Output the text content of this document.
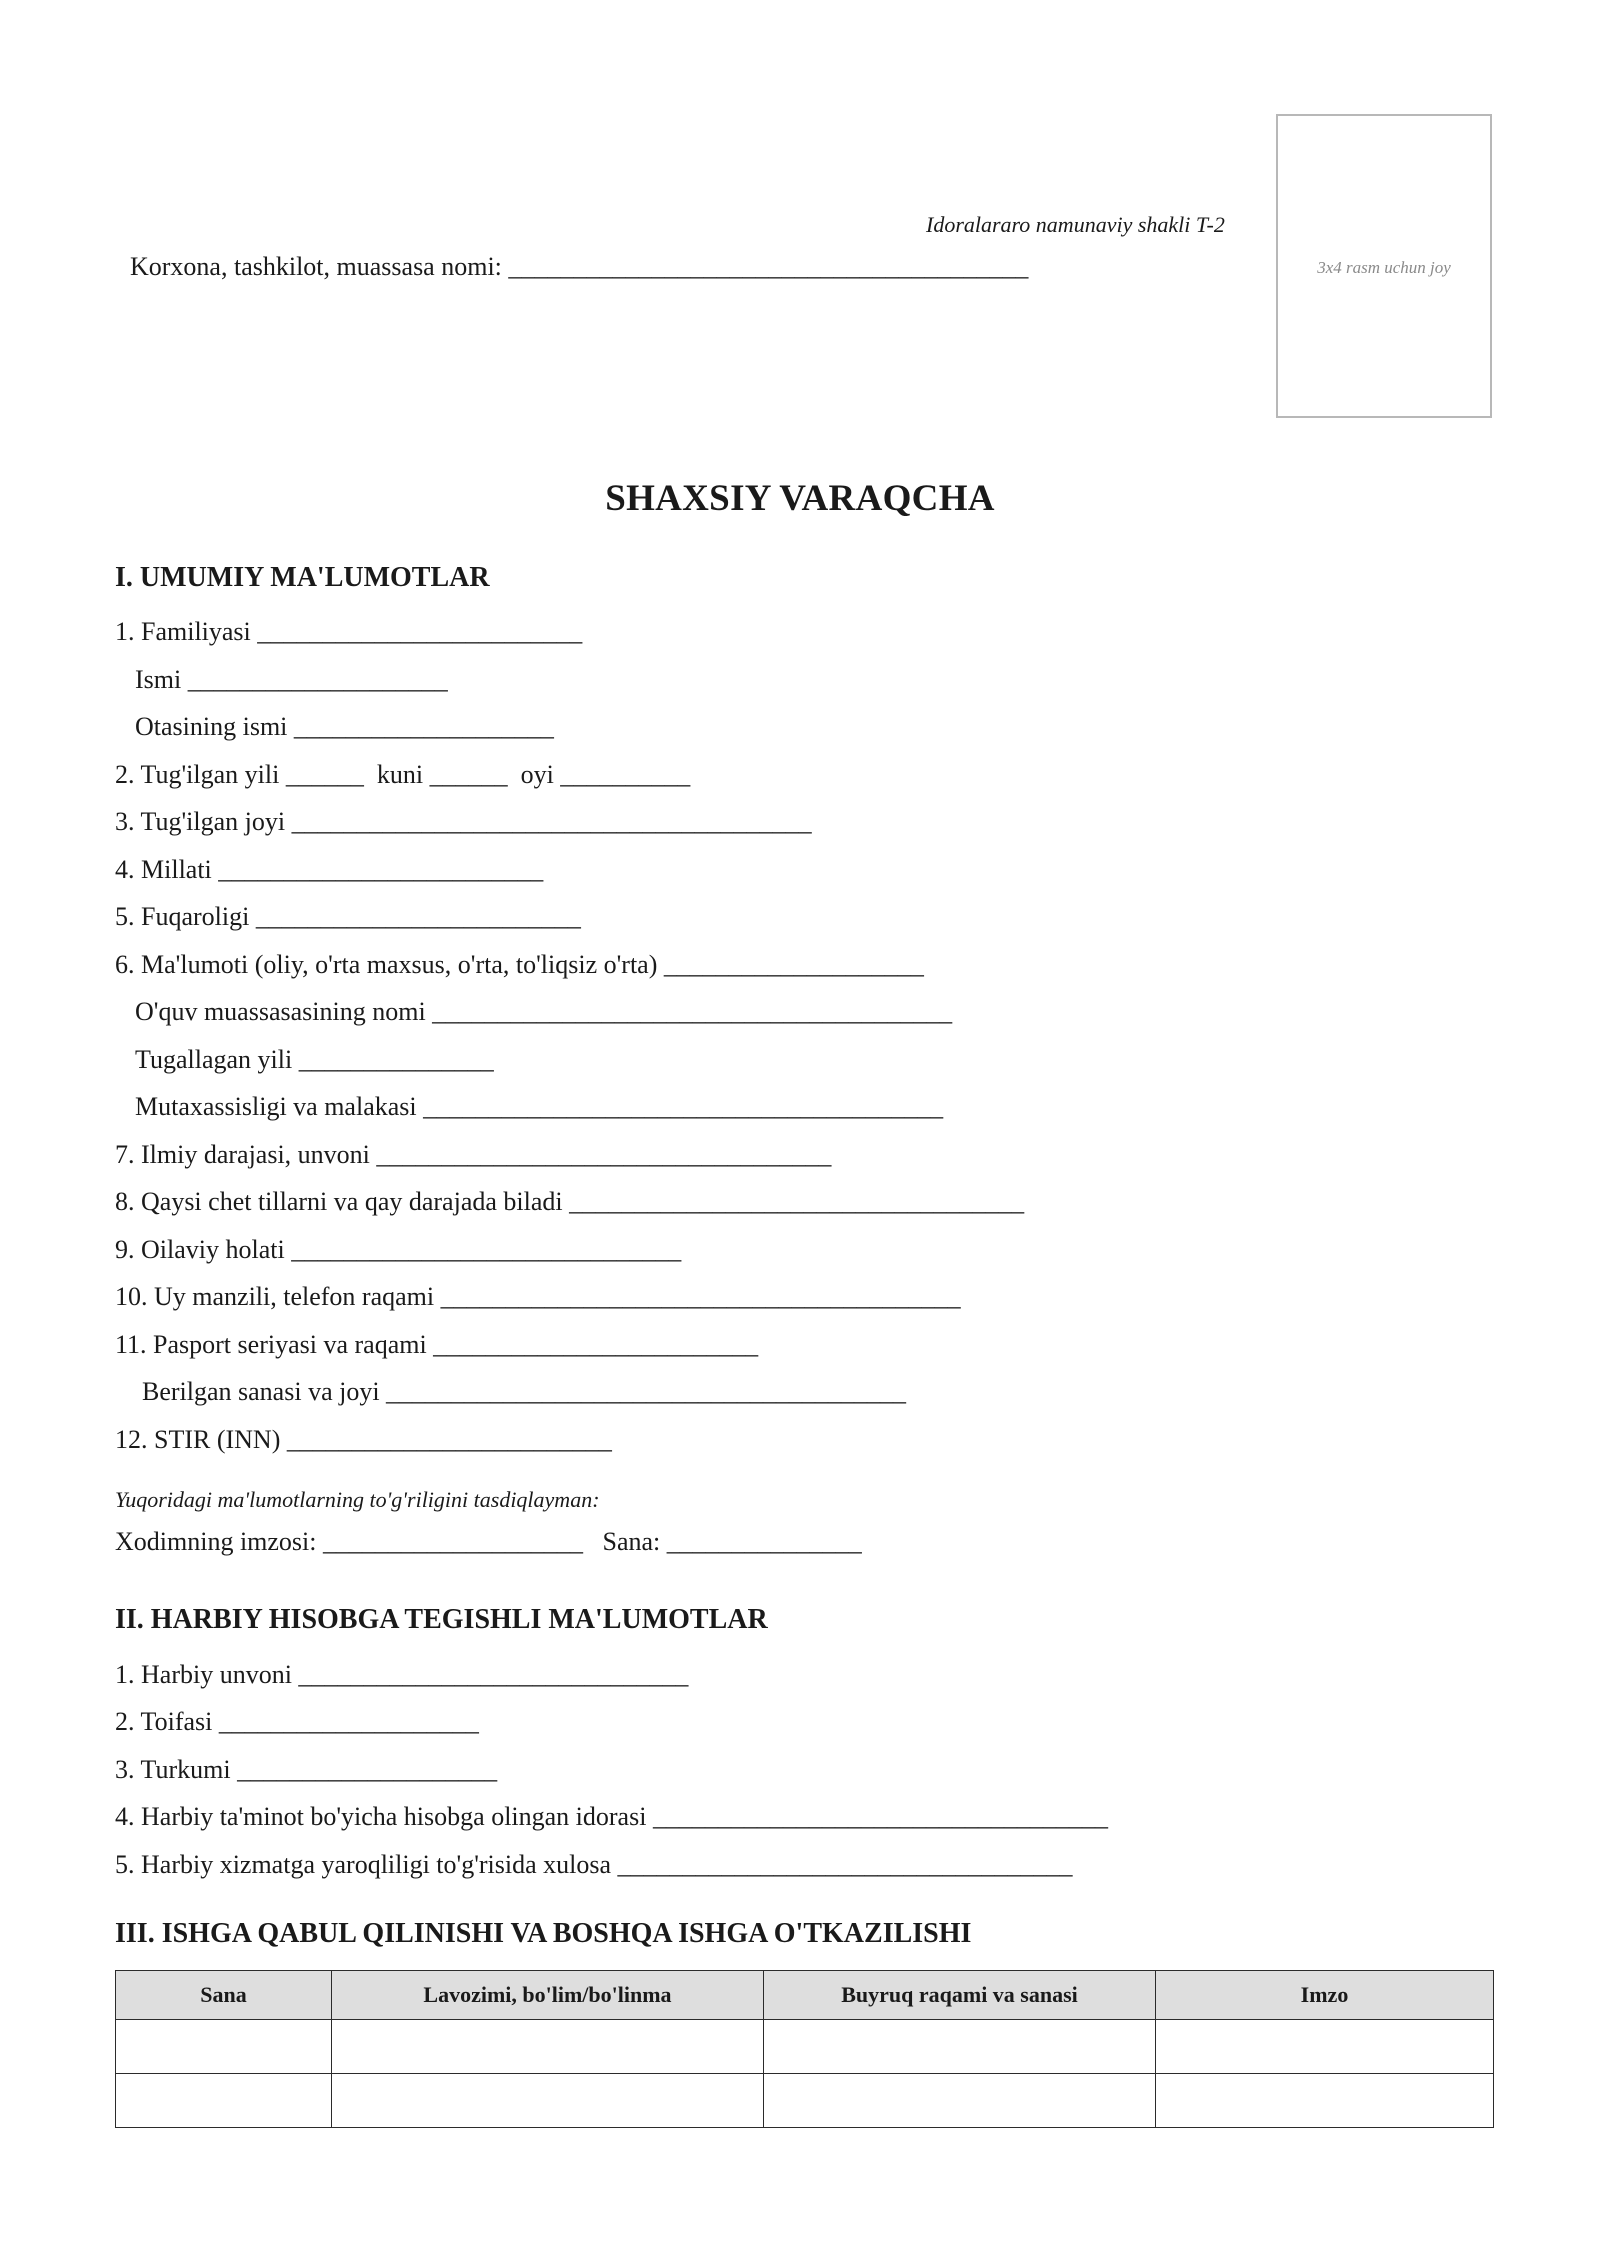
Idoralararo namunaviy shakli T-2
Korxona, tashkilot, muassasa nomi: ________________________________________	3x4 rasm uchun joy
SHAXSIY VARAQCHA
I. UMUMIY MA'LUMOTLAR
1. Familiyasi _________________________
Ismi ____________________
Otasining ismi ____________________
2. Tug'ilgan yili ______  kuni ______  oyi __________
3. Tug'ilgan joyi ________________________________________
4. Millati _________________________
5. Fuqaroligi _________________________
6. Ma'lumoti (oliy, o'rta maxsus, o'rta, to'liqsiz o'rta) ____________________
O'quv muassasasining nomi ________________________________________
Tugallagan yili _______________
Mutaxassisligi va malakasi ________________________________________
7. Ilmiy darajasi, unvoni ___________________________________
8. Qaysi chet tillarni va qay darajada biladi ___________________________________
9. Oilaviy holati ______________________________
10. Uy manzili, telefon raqami ________________________________________
11. Pasport seriyasi va raqami _________________________
Berilgan sanasi va joyi ________________________________________
12. STIR (INN) _________________________
Yuqoridagi ma'lumotlarning to'g'riligini tasdiqlayman:
Xodimning imzosi: ____________________   Sana: _______________
II. HARBIY HISOBGA TEGISHLI MA'LUMOTLAR
1. Harbiy unvoni ______________________________
2. Toifasi ____________________
3. Turkumi ____________________
4. Harbiy ta'minot bo'yicha hisobga olingan idorasi ___________________________________
5. Harbiy xizmatga yaroqliligi to'g'risida xulosa ___________________________________
III. ISHGA QABUL QILINISHI VA BOSHQA ISHGA O'TKAZILISHI
Sana	Lavozimi, bo'lim/bo'linma	Buyruq raqami va sanasi	Imzo
